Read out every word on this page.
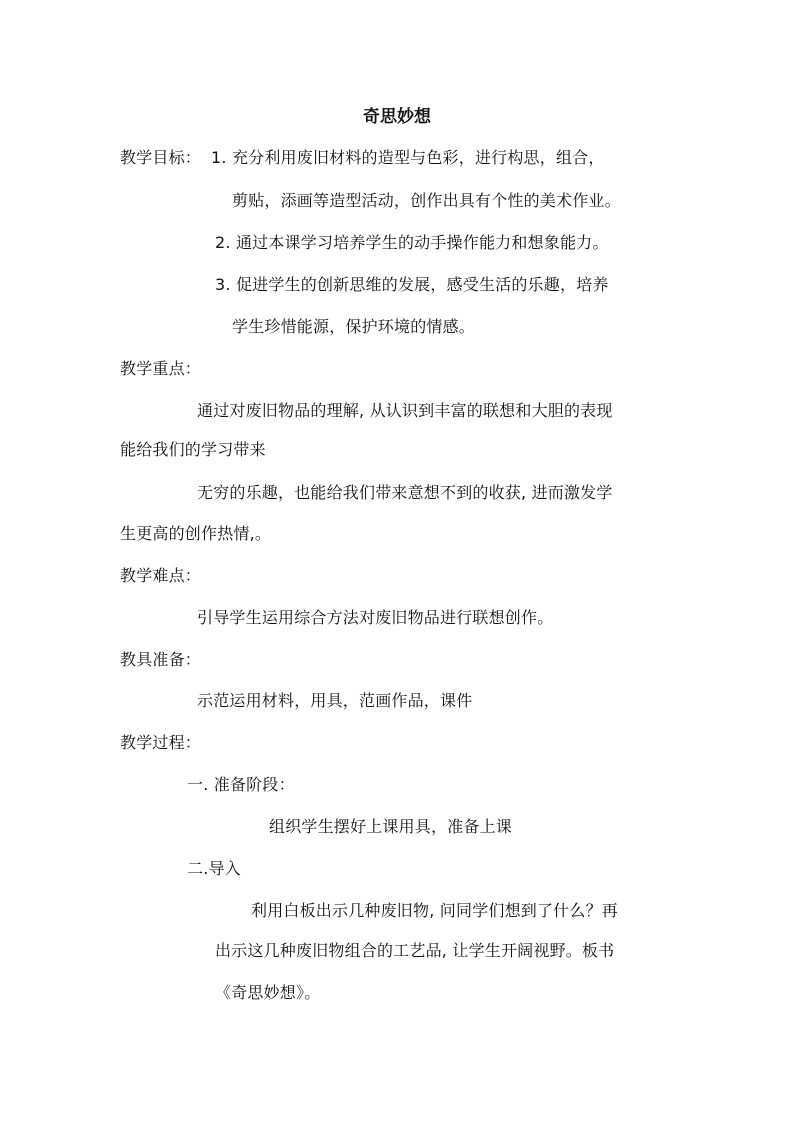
奇思妙想
教学目标： 1. 充分利用废旧材料的造型与色彩，进行构思，组合，
剪贴，添画等造型活动，创作出具有个性的美术作业。
2. 通过本课学习培养学生的动手操作能力和想象能力。
3. 促进学生的创新思维的发展，感受生活的乐趣，培养
学生珍惜能源，保护环境的情感。
教学重点：
通过对废旧物品的理解, 从认识到丰富的联想和大胆的表现
能给我们的学习带来
无穷的乐趣，也能给我们带来意想不到的收获, 进而激发学
生更高的创作热情,。
教学难点：
引导学生运用综合方法对废旧物品进行联想创作。
教具准备：
示范运用材料，用具，范画作品，课件
教学过程：
一. 准备阶段：
组织学生摆好上课用具，准备上课
二.导入
利用白板出示几种废旧物, 问同学们想到了什么？再
出示这几种废旧物组合的工艺品, 让学生开阔视野。板书
《奇思妙想》。
